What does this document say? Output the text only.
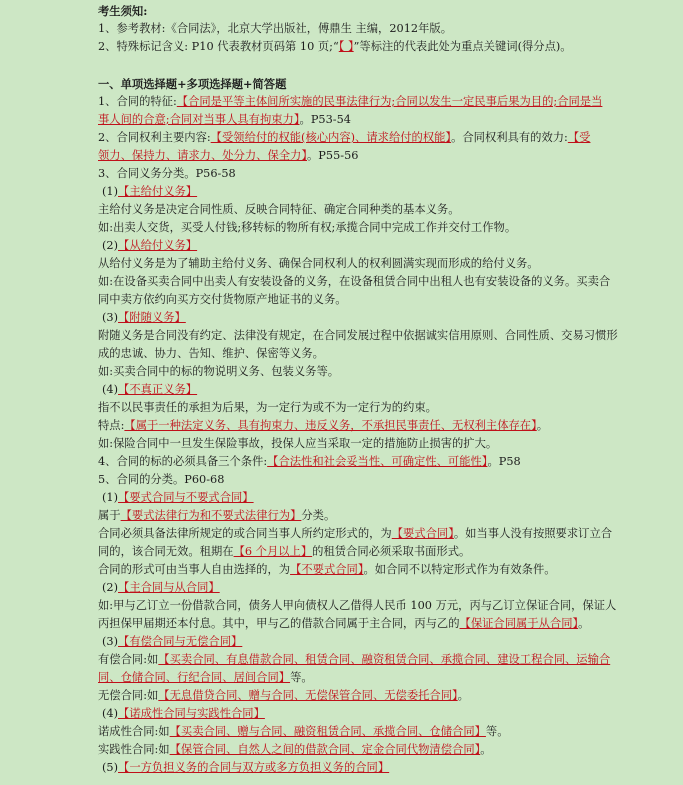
考生须知:
1、参考教材:《合同法》，北京大学出版社，傅鼎生 主编，2012年版。
2、特殊标记含义: P10 代表教材页码第 10 页;“【 】”等标注的代表此处为重点关键词(得分点)。
一、单项选择题+多项选择题+简答题
1、合同的特征:【合同是平等主体间所实施的民事法律行为;合同以发生一定民事后果为目的;合同是当
事人间的合意;合同对当事人具有拘束力】。P53-54
2、合同权利主要内容:【受领给付的权能(核心内容)、请求给付的权能】。合同权利具有的效力:【受
领力、保持力、请求力、处分力、保全力】。P55-56
3、合同义务分类。P56-58
(1)【主给付义务】
主给付义务是决定合同性质、反映合同特征、确定合同种类的基本义务。
如:出卖人交货，买受人付钱;移转标的物所有权;承揽合同中完成工作并交付工作物。
(2)【从给付义务】
从给付义务是为了辅助主给付义务、确保合同权利人的权利圆满实现而形成的给付义务。
如:在设备买卖合同中出卖人有安装设备的义务，在设备租赁合同中出租人也有安装设备的义务。买卖合
同中卖方依约向买方交付货物原产地证书的义务。
(3)【附随义务】
附随义务是合同没有约定、法律没有规定，在合同发展过程中依据诚实信用原则、合同性质、交易习惯形
成的忠诚、协力、告知、维护、保密等义务。
如:买卖合同中的标的物说明义务、包装义务等。
(4)【不真正义务】
指不以民事责任的承担为后果，为一定行为或不为一定行为的约束。
特点:【属于一种法定义务、具有拘束力、违反义务，不承担民事责任、无权利主体存在】。
如:保险合同中一旦发生保险事故，投保人应当采取一定的措施防止损害的扩大。
4、合同的标的必须具备三个条件:【合法性和社会妥当性、可确定性、可能性】。P58
5、合同的分类。P60-68
(1)【要式合同与不要式合同】
属于【要式法律行为和不要式法律行为】分类。
合同必须具备法律所规定的或合同当事人所约定形式的，为【要式合同】。如当事人没有按照要求订立合
同的，该合同无效。租期在【6 个月以上】的租赁合同必须采取书面形式。
合同的形式可由当事人自由选择的，为【不要式合同】。如合同不以特定形式作为有效条件。
(2)【主合同与从合同】
如:甲与乙订立一份借款合同，债务人甲向债权人乙借得人民币 100 万元，丙与乙订立保证合同，保证人
丙担保甲届期还本付息。其中，甲与乙的借款合同属于主合同，丙与乙的【保证合同属于从合同】。
(3)【有偿合同与无偿合同】
有偿合同:如【买卖合同、有息借款合同、租赁合同、融资租赁合同、承揽合同、建设工程合同、运输合
同、仓储合同、行纪合同、居间合同】等。
无偿合同:如【无息借贷合同、赠与合同、无偿保管合同、无偿委托合同】。
(4)【诺成性合同与实践性合同】
诺成性合同:如【买卖合同、赠与合同、融资租赁合同、承揽合同、仓储合同】等。
实践性合同:如【保管合同、自然人之间的借款合同、定金合同代物清偿合同】。
(5)【一方负担义务的合同与双方或多方负担义务的合同】
